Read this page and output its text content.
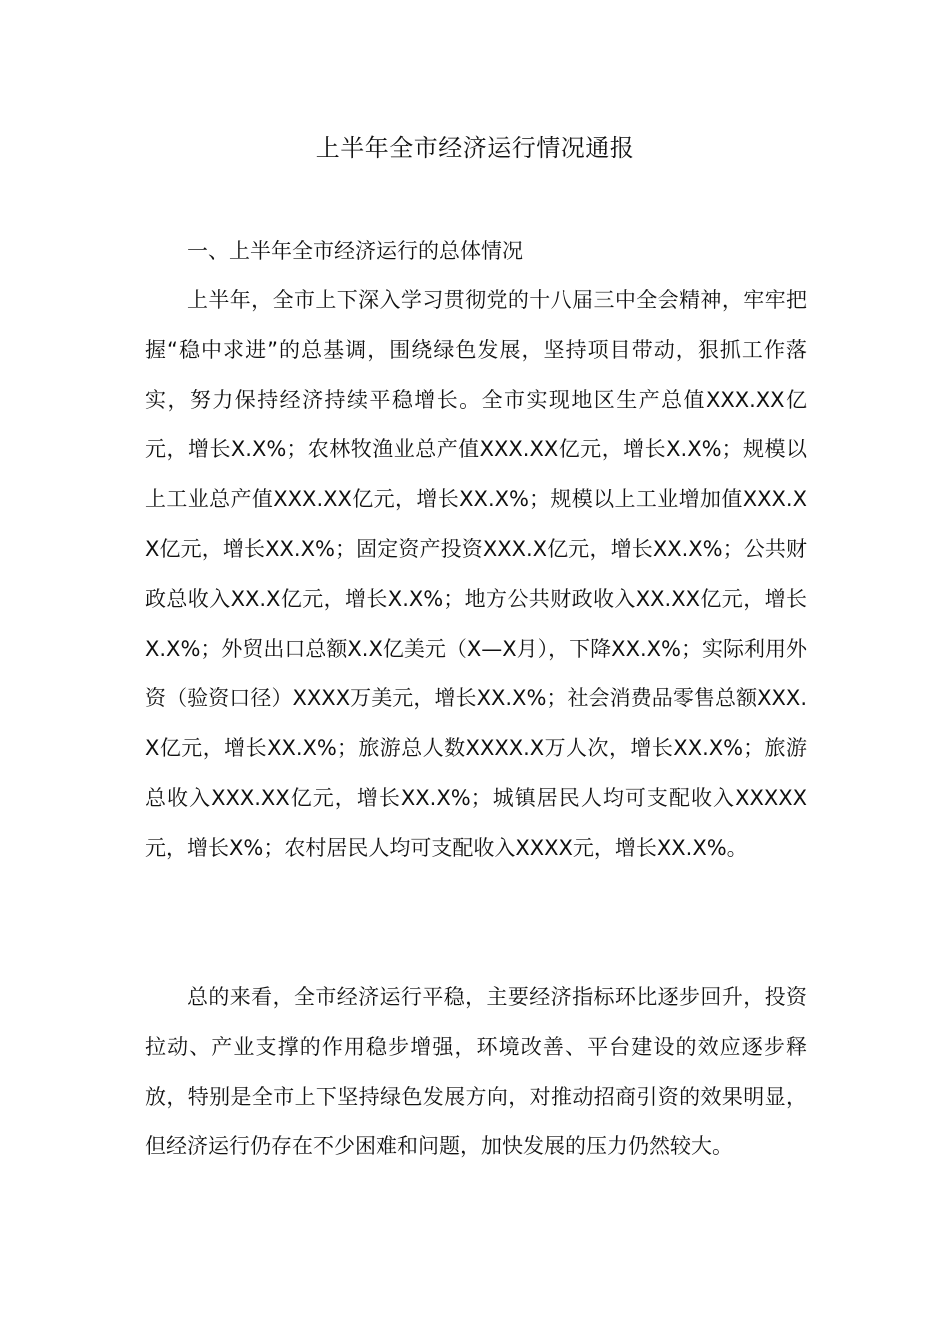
上半年全市经济运行情况通报

一、上半年全市经济运行的总体情况

上半年，全市上下深入学习贯彻党的十八届三中全会精神，牢牢把握“稳中求进”的总基调，围绕绿色发展，坚持项目带动，狠抓工作落实，努力保持经济持续平稳增长。全市实现地区生产总值XXX.XX亿元，增长X.X%；农林牧渔业总产值XXX.XX亿元，增长X.X%；规模以上工业总产值XXX.XX亿元，增长XX.X%；规模以上工业增加值XXX.XX亿元，增长XX.X%；固定资产投资XXX.X亿元，增长XX.X%；公共财政总收入XX.X亿元，增长X.X%；地方公共财政收入XX.XX亿元，增长X.X%；外贸出口总额X.X亿美元（X—X月），下降XX.X%；实际利用外资（验资口径）XXXX万美元，增长XX.X%；社会消费品零售总额XXX.X亿元，增长XX.X%；旅游总人数XXXX.X万人次，增长XX.X%；旅游总收入XXX.XX亿元，增长XX.X%；城镇居民人均可支配收入XXXXX元，增长X%；农村居民人均可支配收入XXXX元，增长XX.X%。

总的来看，全市经济运行平稳，主要经济指标环比逐步回升，投资拉动、产业支撑的作用稳步增强，环境改善、平台建设的效应逐步释放，特别是全市上下坚持绿色发展方向，对推动招商引资的效果明显，但经济运行仍存在不少困难和问题，加快发展的压力仍然较大。
